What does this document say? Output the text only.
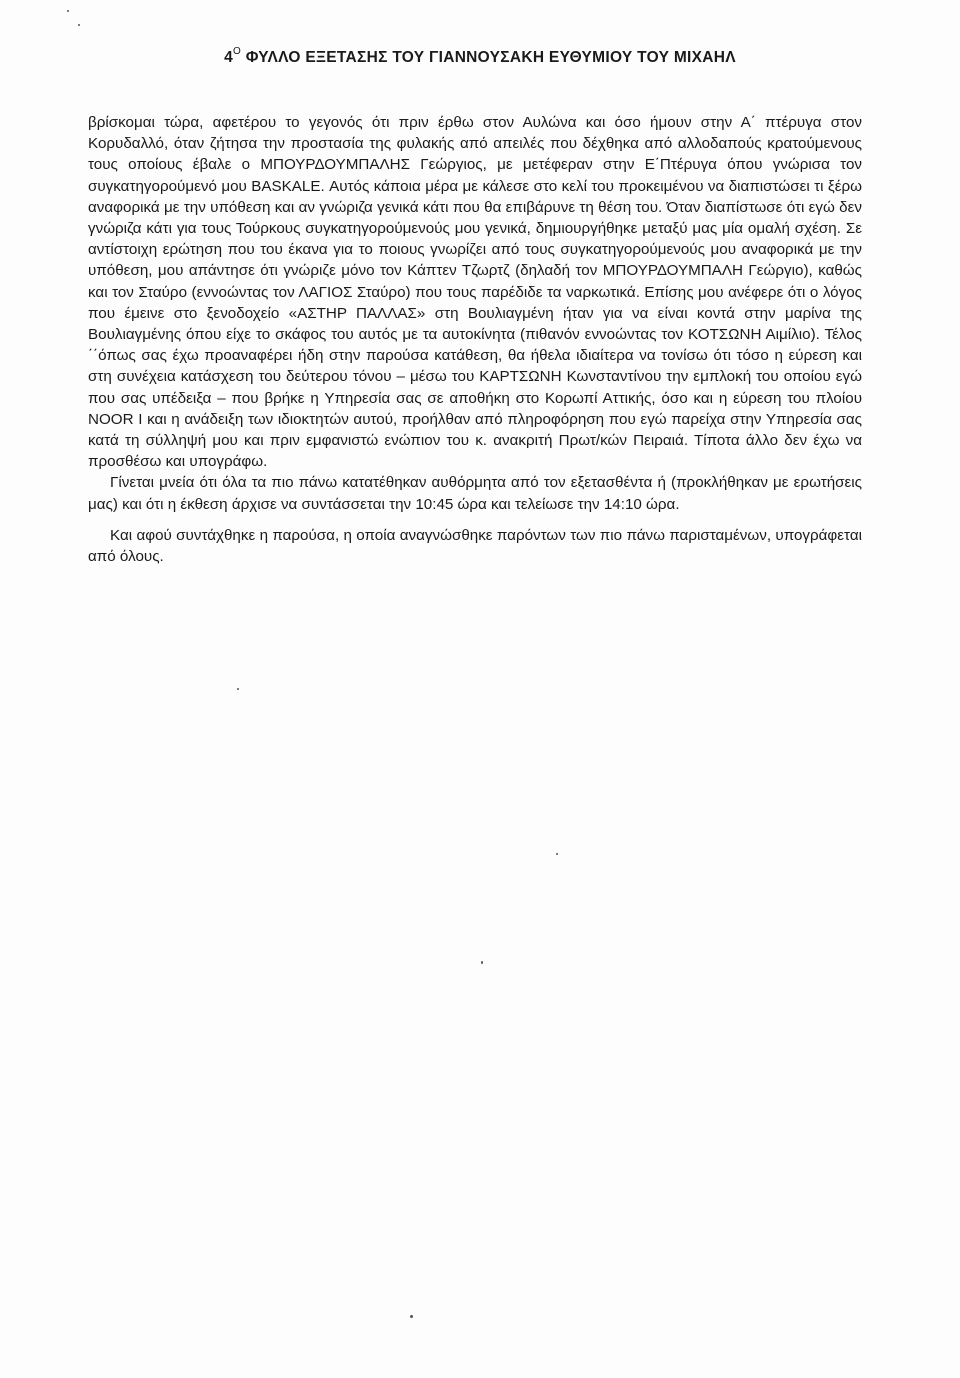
$4^O$ ΦΥΛΛΟ ΕΞΕΤΑΣΗΣ ΤΟΥ ΓΙΑΝΝΟΥΣΑΚΗ ΕΥΘΥΜΙΟΥ ΤΟΥ ΜΙΧΑΗΛ

βρίσκομαι τώρα, αφετέρου το γεγονός ότι πριν έρθω στον Αυλώνα και όσο ήμουν στην Α΄ πτέρυγα στον Κορυδαλλό, όταν ζήτησα την προστασία της φυλακής από απειλές που δέχθηκα από αλλοδαπούς κρατούμενους τους οποίους έβαλε ο ΜΠΟΥΡΔΟΥΜΠΑΛΗΣ Γεώργιος, με μετέφεραν στην Ε΄Πτέρυγα όπου γνώρισα τον συγκατηγορούμενό μου BASKALE. Αυτός κάποια μέρα με κάλεσε στο κελί του προκειμένου να διαπιστώσει τι ξέρω αναφορικά με την υπόθεση και αν γνώριζα γενικά κάτι που θα επιβάρυνε τη θέση του. Όταν διαπίστωσε ότι εγώ δεν γνώριζα κάτι για τους Τούρκους συγκατηγορούμενούς μου γενικά, δημιουργήθηκε μεταξύ μας μία ομαλή σχέση. Σε αντίστοιχη ερώτηση που του έκανα για το ποιους γνωρίζει από τους συγκατηγορούμενούς μου αναφορικά με την υπόθεση, μου απάντησε ότι γνώριζε μόνο τον Κάπτεν Τζωρτζ (δηλαδή τον ΜΠΟΥΡΔΟΥΜΠΑΛΗ Γεώργιο), καθώς και τον Σταύρο (εννοώντας τον ΛΑΓΙΟΣ Σταύρο) που τους παρέδιδε τα ναρκωτικά. Επίσης μου ανέφερε ότι ο λόγος που έμεινε στο ξενοδοχείο «ΑΣΤΗΡ ΠΑΛΛΑΣ» στη Βουλιαγμένη ήταν για να είναι κοντά στην μαρίνα της Βουλιαγμένης όπου είχε το σκάφος του αυτός με τα αυτοκίνητα (πιθανόν εννοώντας τον ΚΟΤΣΩΝΗ Αιμίλιο). Τέλος ΄΄όπως σας έχω προαναφέρει ήδη στην παρούσα κατάθεση, θα ήθελα ιδιαίτερα να τονίσω ότι τόσο η εύρεση και στη συνέχεια κατάσχεση του δεύτερου τόνου – μέσω του ΚΑΡΤΣΩΝΗ Κωνσταντίνου την εμπλοκή του οποίου εγώ που σας υπέδειξα – που βρήκε η Υπηρεσία σας σε αποθήκη στο Κορωπί Αττικής, όσο και η εύρεση του πλοίου NOOR I και η ανάδειξη των ιδιοκτητών αυτού, προήλθαν από πληροφόρηση που εγώ παρείχα στην Υπηρεσία σας κατά τη σύλληψή μου και πριν εμφανιστώ ενώπιον του κ. ανακριτή Πρωτ/κών Πειραιά. Τίποτα άλλο δεν έχω να προσθέσω και υπογράφω.

Γίνεται μνεία ότι όλα τα πιο πάνω κατατέθηκαν αυθόρμητα από τον εξετασθέντα ή (προκλήθηκαν με ερωτήσεις μας) και ότι η έκθεση άρχισε να συντάσσεται την 10:45 ώρα και τελείωσε την 14:10 ώρα.

Και αφού συντάχθηκε η παρούσα, η οποία αναγνώσθηκε παρόντων των πιο πάνω παρισταμένων, υπογράφεται από όλους.
